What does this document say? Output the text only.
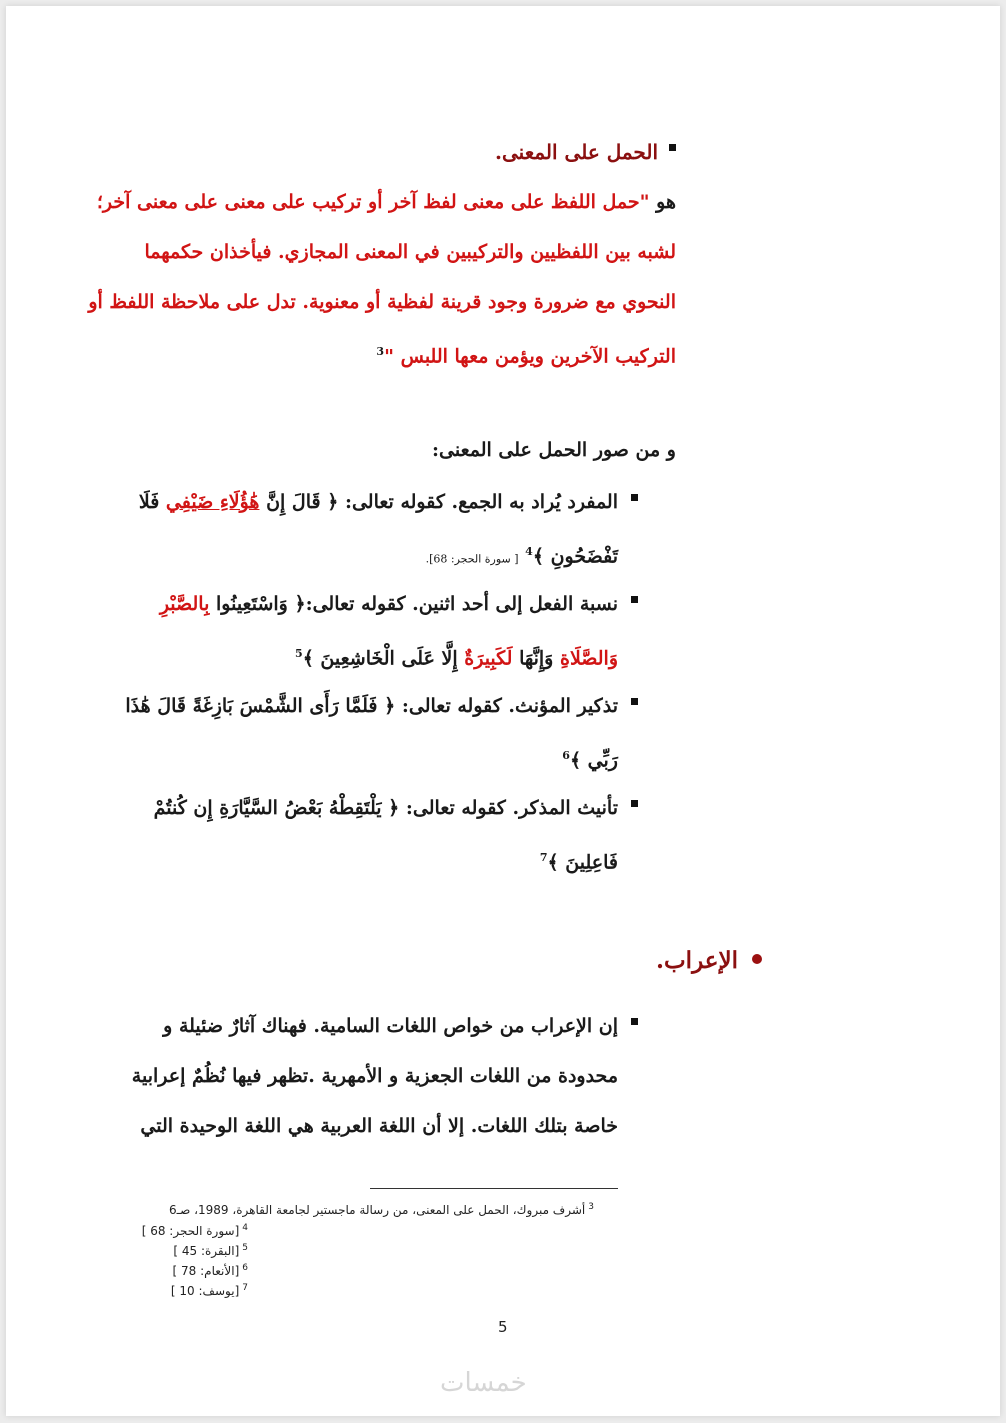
الحمل على المعنى.
هو "حمل اللفظ على معنى لفظ آخر أو تركيب على معنى على معنى آخر؛
لشبه بين اللفظيين والتركيبين في المعنى المجازي. فيأخذان حكمهما
النحوي مع ضرورة وجود قرينة لفظية أو معنوية. تدل على ملاحظة اللفظ أو
التركيب الآخرين ويؤمن معها اللبس "$^3$
و من صور الحمل على المعنى:
المفرد يُراد به الجمع. كقوله تعالى: ﴿ قَالَ إِنَّ هَٰؤُلَاءِ ضَيْفِي فَلَا
تَفْضَحُونِ ﴾$^4$ [ سورة الحجر: 68].
نسبة الفعل إلى أحد اثنين. كقوله تعالى:﴿ وَاسْتَعِينُوا بِالصَّبْرِ
وَالصَّلَاةِ وَإِنَّهَا لَكَبِيرَةٌ إِلَّا عَلَى الْخَاشِعِينَ ﴾$^5$
تذكير المؤنث. كقوله تعالى: ﴿ فَلَمَّا رَأَى الشَّمْسَ بَازِغَةً قَالَ هَٰذَا
رَبِّي ﴾$^6$
تأنيث المذكر. كقوله تعالى: ﴿ يَلْتَقِطْهُ بَعْضُ السَّيَّارَةِ إِن كُنتُمْ
فَاعِلِينَ ﴾$^7$
الإعراب.
إن الإعراب من خواص اللغات السامية. فهناك آثارٌ ضئيلة و
محدودة من اللغات الجعزية و الأمهرية .تظهر فيها نُظُمٌ إعرابية
خاصة بتلك اللغات. إلا أن اللغة العربية هي اللغة الوحيدة التي
$^3$أشرف مبروك، الحمل على المعنى، من رسالة ماجستير لجامعة القاهرة، 1989، صـ6
$^4$[سورة الحجر: 68 ]
$^5$[البقرة: 45 ]
$^6$[الأنعام: 78 ]
$^7$[يوسف: 10 ]
5
خمسات
